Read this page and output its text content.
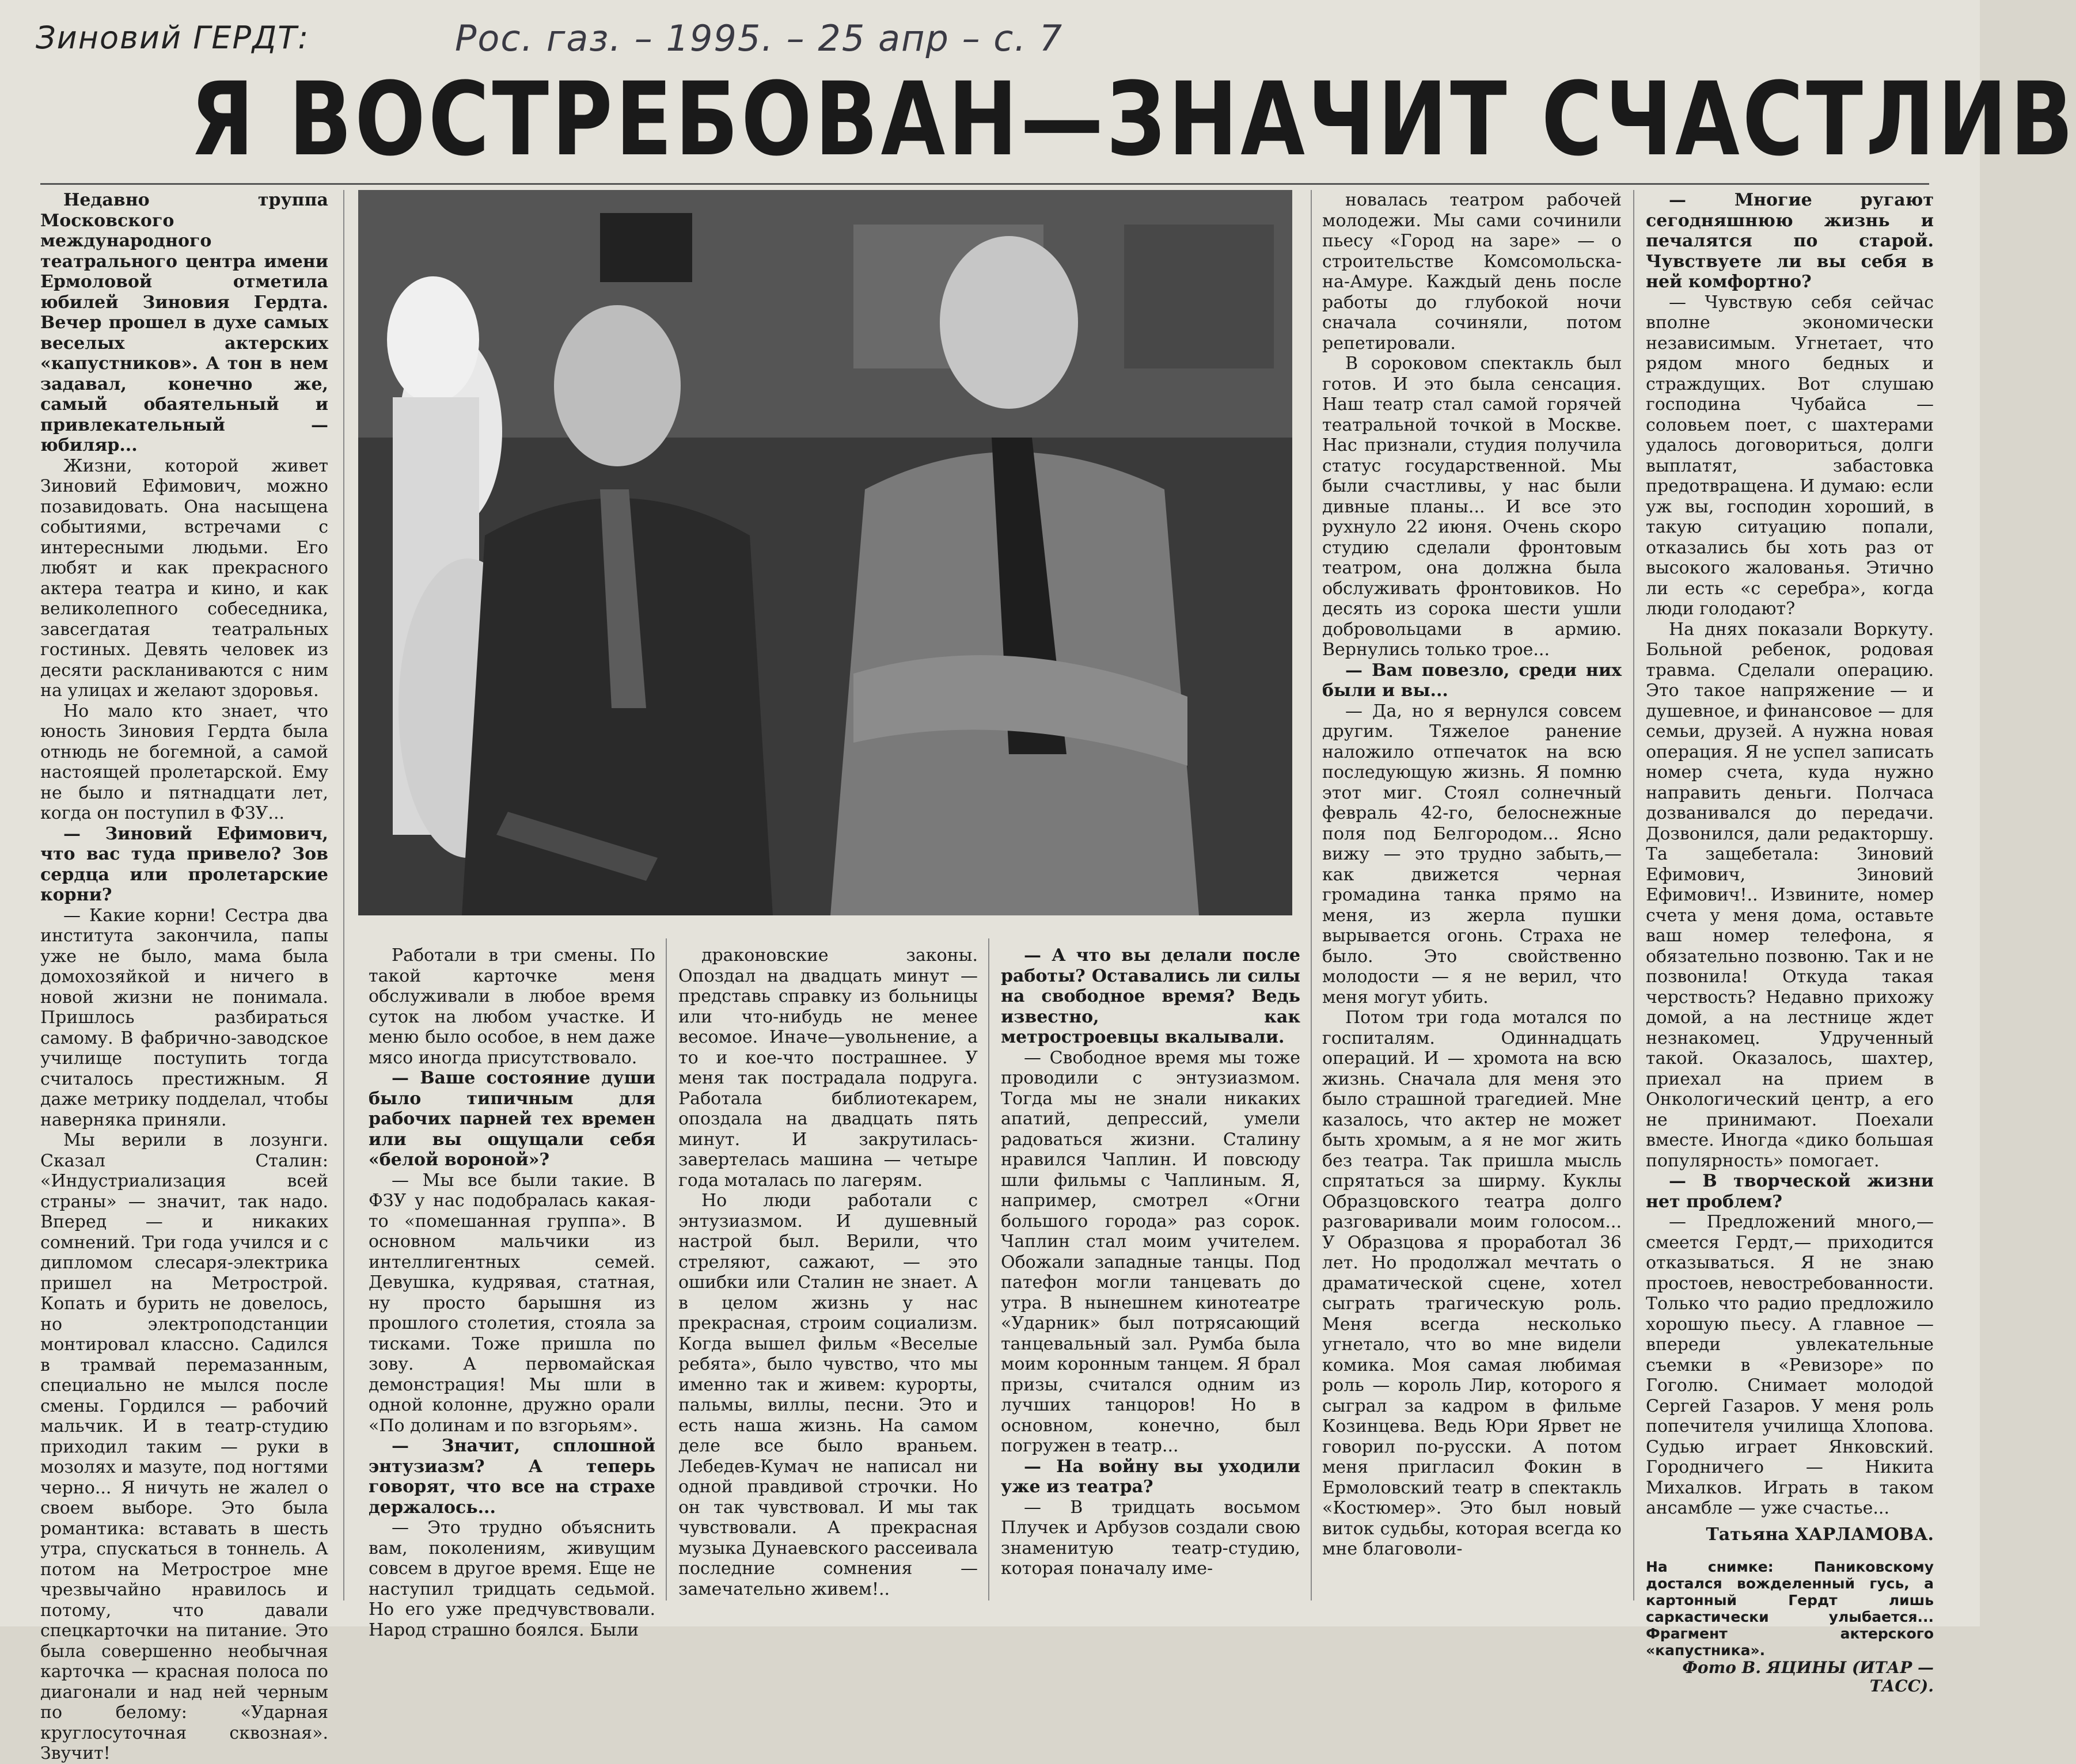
Зиновий ГЕРДТ:	Рос. газ. – 1995. – 25 апр – с. 7
Я ВОСТРЕБОВАН—ЗНАЧИТ СЧАСТЛИВ

Недавно труппа Московского международного театрального центра имени Ермоловой отметила юбилей Зиновия Гердта. Вечер прошел в духе самых веселых актерских «капустников». А тон в нем задавал, конечно же, самый обаятельный и привлекательный — юбиляр...

Жизни, которой живет Зиновий Ефимович, можно позавидовать. Она насыщена событиями, встречами с интересными людьми. Его любят и как прекрасного актера театра и кино, и как великолепного собеседника, завсегдатая театральных гостиных. Девять человек из десяти раскланиваются с ним на улицах и желают здоровья.

Но мало кто знает, что юность Зиновия Гердта была отнюдь не богемной, а самой настоящей пролетарской. Ему не было и пятнадцати лет, когда он поступил в ФЗУ...

— Зиновий Ефимович, что вас туда привело? Зов сердца или пролетарские корни?

— Какие корни! Сестра два института закончила, папы уже не было, мама была домохозяйкой и ничего в новой жизни не понимала. Пришлось разбираться самому. В фабрично-заводское училище поступить тогда считалось престижным. Я даже метрику подделал, чтобы наверняка приняли.

Мы верили в лозунги. Сказал Сталин: «Индустриализация всей страны» — значит, так надо. Вперед — и никаких сомнений. Три года учился и с дипломом слесаря-электрика пришел на Метрострой. Копать и бурить не довелось, но электроподстанции монтировал классно. Садился в трамвай перемазанным, специально не мылся после смены. Гордился — рабочий мальчик. И в театр-студию приходил таким — руки в мозолях и мазуте, под ногтями черно... Я ничуть не жалел о своем выборе. Это была романтика: вставать в шесть утра, спускаться в тоннель. А потом на Метрострое мне чрезвычайно нравилось и потому, что давали спецкарточки на питание. Это была совершенно необычная карточка — красная полоса по диагонали и над ней черным по белому: «Ударная круглосуточная сквозная». Звучит!

Работали в три смены. По такой карточке меня обслуживали в любое время суток на любом участке. И меню было особое, в нем даже мясо иногда присутствовало.

— Ваше состояние души было типичным для рабочих парней тех времен или вы ощущали себя «белой вороной»?

— Мы все были такие. В ФЗУ у нас подобралась какая-то «помешанная группа». В основном мальчики из интеллигентных семей. Девушка, кудрявая, статная, ну просто барышня из прошлого столетия, стояла за тисками. Тоже пришла по зову. А первомайская демонстрация! Мы шли в одной колонне, дружно орали «По долинам и по взгорьям».

— Значит, сплошной энтузиазм? А теперь говорят, что все на страхе держалось...

— Это трудно объяснить вам, поколениям, живущим совсем в другое время. Еще не наступил тридцать седьмой. Но его уже предчувствовали. Народ страшно боялся. Были

драконовские законы. Опоздал на двадцать минут — представь справку из больницы или что-нибудь не менее весомое. Иначе—увольнение, а то и кое-что пострашнее. У меня так пострадала подруга. Работала библиотекарем, опоздала на двадцать пять минут. И закрутилась-завертелась машина — четыре года моталась по лагерям.

Но люди работали с энтузиазмом. И душевный настрой был. Верили, что стреляют, сажают, — это ошибки или Сталин не знает. А в целом жизнь у нас прекрасная, строим социализм. Когда вышел фильм «Веселые ребята», было чувство, что мы именно так и живем: курорты, пальмы, виллы, песни. Это и есть наша жизнь. На самом деле все было враньем. Лебедев-Кумач не написал ни одной правдивой строчки. Но он так чувствовал. И мы так чувствовали. А прекрасная музыка Дунаевского рассеивала последние сомнения — замечательно живем!..

— А что вы делали после работы? Оставались ли силы на свободное время? Ведь известно, как метростроевцы вкалывали.

— Свободное время мы тоже проводили с энтузиазмом. Тогда мы не знали никаких апатий, депрессий, умели радоваться жизни. Сталину нравился Чаплин. И повсюду шли фильмы с Чаплиным. Я, например, смотрел «Огни большого города» раз сорок. Чаплин стал моим учителем. Обожали западные танцы. Под патефон могли танцевать до утра. В нынешнем кинотеатре «Ударник» был потрясающий танцевальный зал. Румба была моим коронным танцем. Я брал призы, считался одним из лучших танцоров! Но в основном, конечно, был погружен в театр...

— На войну вы уходили уже из театра?

— В тридцать восьмом Плучек и Арбузов создали свою знаменитую театр-студию, которая поначалу име-

новалась театром рабочей молодежи. Мы сами сочинили пьесу «Город на заре» — о строительстве Комсомольска-на-Амуре. Каждый день после работы до глубокой ночи сначала сочиняли, потом репетировали.

В сороковом спектакль был готов. И это была сенсация. Наш театр стал самой горячей театральной точкой в Москве. Нас признали, студия получила статус государственной. Мы были счастливы, у нас были дивные планы... И все это рухнуло 22 июня. Очень скоро студию сделали фронтовым театром, она должна была обслуживать фронтовиков. Но десять из сорока шести ушли добровольцами в армию. Вернулись только трое...

— Вам повезло, среди них были и вы...

— Да, но я вернулся совсем другим. Тяжелое ранение наложило отпечаток на всю последующую жизнь. Я помню этот миг. Стоял солнечный февраль 42-го, белоснежные поля под Белгородом... Ясно вижу — это трудно забыть,— как движется черная громадина танка прямо на меня, из жерла пушки вырывается огонь. Страха не было. Это свойственно молодости — я не верил, что меня могут убить.

Потом три года мотался по госпиталям. Одиннадцать операций. И — хромота на всю жизнь. Сначала для меня это было страшной трагедией. Мне казалось, что актер не может быть хромым, а я не мог жить без театра. Так пришла мысль спрятаться за ширму. Куклы Образцовского театра долго разговаривали моим голосом... У Образцова я проработал 36 лет. Но продолжал мечтать о драматической сцене, хотел сыграть трагическую роль. Меня всегда несколько угнетало, что во мне видели комика. Моя самая любимая роль — король Лир, которого я сыграл за кадром в фильме Козинцева. Ведь Юри Ярвет не говорил по-русски. А потом меня пригласил Фокин в Ермоловский театр в спектакль «Костюмер». Это был новый виток судьбы, которая всегда ко мне благоволи-

— Многие ругают сегодняшнюю жизнь и печалятся по старой. Чувствуете ли вы себя в ней комфортно?

— Чувствую себя сейчас вполне экономически независимым. Угнетает, что рядом много бедных и страждущих. Вот слушаю господина Чубайса — соловьем поет, с шахтерами удалось договориться, долги выплатят, забастовка предотвращена. И думаю: если уж вы, господин хороший, в такую ситуацию попали, отказались бы хоть раз от высокого жалованья. Этично ли есть «с серебра», когда люди голодают?

На днях показали Воркуту. Больной ребенок, родовая травма. Сделали операцию. Это такое напряжение — и душевное, и финансовое — для семьи, друзей. А нужна новая операция. Я не успел записать номер счета, куда нужно направить деньги. Полчаса дозванивался до передачи. Дозвонился, дали редакторшу. Та защебетала: Зиновий Ефимович, Зиновий Ефимович!.. Извините, номер счета у меня дома, оставьте ваш номер телефона, я обязательно позвоню. Так и не позвонила! Откуда такая черствость? Недавно прихожу домой, а на лестнице ждет незнакомец. Удрученный такой. Оказалось, шахтер, приехал на прием в Онкологический центр, а его не принимают. Поехали вместе. Иногда «дико большая популярность» помогает.

— В творческой жизни нет проблем?

— Предложений много,— смеется Гердт,— приходится отказываться. Я не знаю простоев, невостребованности. Только что радио предложило хорошую пьесу. А главное — впереди увлекательные съемки в «Ревизоре» по Гоголю. Снимает молодой Сергей Газаров. У меня роль попечителя училища Хлопова. Судью играет Янковский. Городничего — Никита Михалков. Играть в таком ансамбле — уже счастье...

Татьяна ХАРЛАМОВА.

На снимке: Паниковскому достался вожделенный гусь, а картонный Гердт лишь саркастически улыбается... Фрагмент актерского «капустника».

Фото В. ЯЦИНЫ (ИТАР — ТАСС).
